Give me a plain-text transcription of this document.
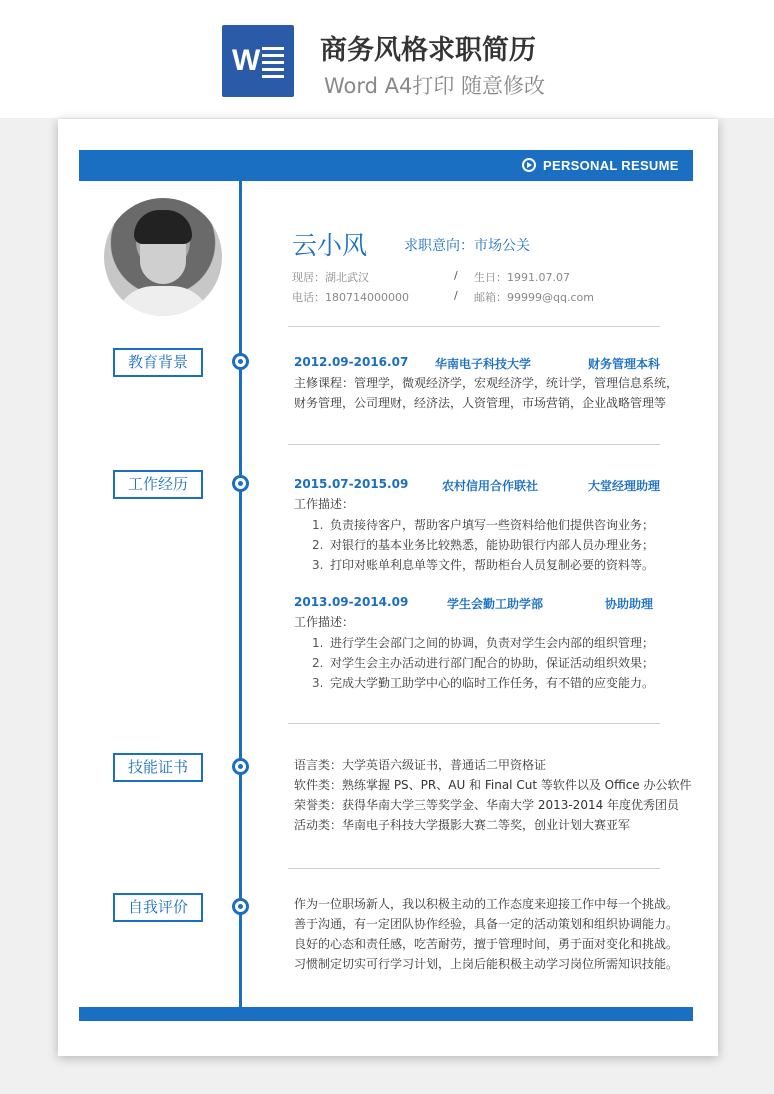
W 商务风格求职简历
Word A4打印 随意修改
PERSONAL RESUME
云小风	求职意向：市场公关
现居：湖北武汉	/ 生日：1991.07.07
电话：180714000000	/ 邮箱：99999@qq.com
教育背景	2012.09-2016.07 华南电子科技大学	财务管理本科
主修课程：管理学，微观经济学，宏观经济学，统计学，管理信息系统，
财务管理，公司理财，经济法，人资管理，市场营销，企业战略管理等
工作经历	2015.07-2015.09	农村信用合作联社	大堂经理助理
工作描述：
1. 负责接待客户，帮助客户填写一些资料给他们提供咨询业务；
2. 对银行的基本业务比较熟悉，能协助银行内部人员办理业务；
3. 打印对账单利息单等文件，帮助柜台人员复制必要的资料等。
2013.09-2014.09	学生会勤工助学部	协助助理
工作描述：
1. 进行学生会部门之间的协调，负责对学生会内部的组织管理；
2. 对学生会主办活动进行部门配合的协助，保证活动组织效果；
3. 完成大学勤工助学中心的临时工作任务，有不错的应变能力。
技能证书	语言类：大学英语六级证书，普通话二甲资格证
软件类：熟练掌握 PS、PR、AU 和 Final Cut 等软件以及 Office 办公软件
荣誉类：获得华南大学三等奖学金、华南大学 2013-2014 年度优秀团员
活动类：华南电子科技大学摄影大赛二等奖，创业计划大赛亚军
自我评价	作为一位职场新人，我以积极主动的工作态度来迎接工作中每一个挑战。
善于沟通，有一定团队协作经验，具备一定的活动策划和组织协调能力。
良好的心态和责任感，吃苦耐劳，擅于管理时间，勇于面对变化和挑战。
习惯制定切实可行学习计划，上岗后能积极主动学习岗位所需知识技能。
